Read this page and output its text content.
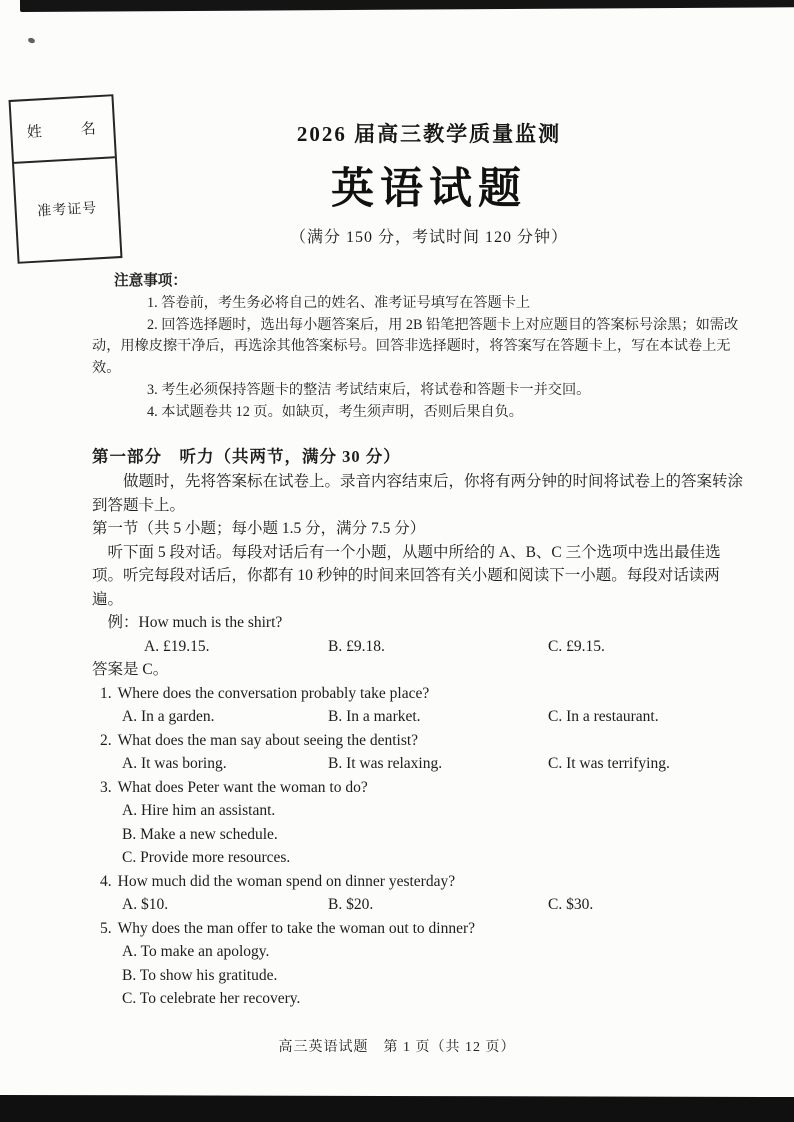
姓　　名
准考证号
2026 届高三教学质量监测
英语试题
（满分 150 分，考试时间 120 分钟）
注意事项：

1. 答卷前，考生务必将自己的姓名、准考证号填写在答题卡上

2. 回答选择题时，选出每小题答案后，用 2B 铅笔把答题卡上对应题目的答案标号涂黑；如需改动，用橡皮擦干净后，再选涂其他答案标号。回答非选择题时，将答案写在答题卡上，写在本试卷上无效。

3. 考生必须保持答题卡的整洁 考试结束后，将试卷和答题卡一并交回。

4. 本试题卷共 12 页。如缺页，考生须声明，否则后果自负。

第一部分　听力（共两节，满分 30 分）

做题时，先将答案标在试卷上。录音内容结束后，你将有两分钟的时间将试卷上的答案转涂到答题卡上。

第一节（共 5 小题；每小题 1.5 分，满分 7.5 分）

听下面 5 段对话。每段对话后有一个小题，从题中所给的 A、B、C 三个选项中选出最佳选项。听完每段对话后，你都有 10 秒钟的时间来回答有关小题和阅读下一小题。每段对话读两遍。

例：How much is the shirt?

A. £19.15.	B. £9.18.	C. £9.15.

答案是 C。

1. Where does the conversation probably take place?
A. In a garden.	B. In a market.	C. In a restaurant.
2. What does the man say about seeing the dentist?
A. It was boring.	B. It was relaxing.	C. It was terrifying.
3. What does Peter want the woman to do?
A. Hire him an assistant.
B. Make a new schedule.
C. Provide more resources.
4. How much did the woman spend on dinner yesterday?
A. $10.	B. $20.	C. $30.
5. Why does the man offer to take the woman out to dinner?
A. To make an apology.
B. To show his gratitude.
C. To celebrate her recovery.
高三英语试题　第 1 页（共 12 页）
